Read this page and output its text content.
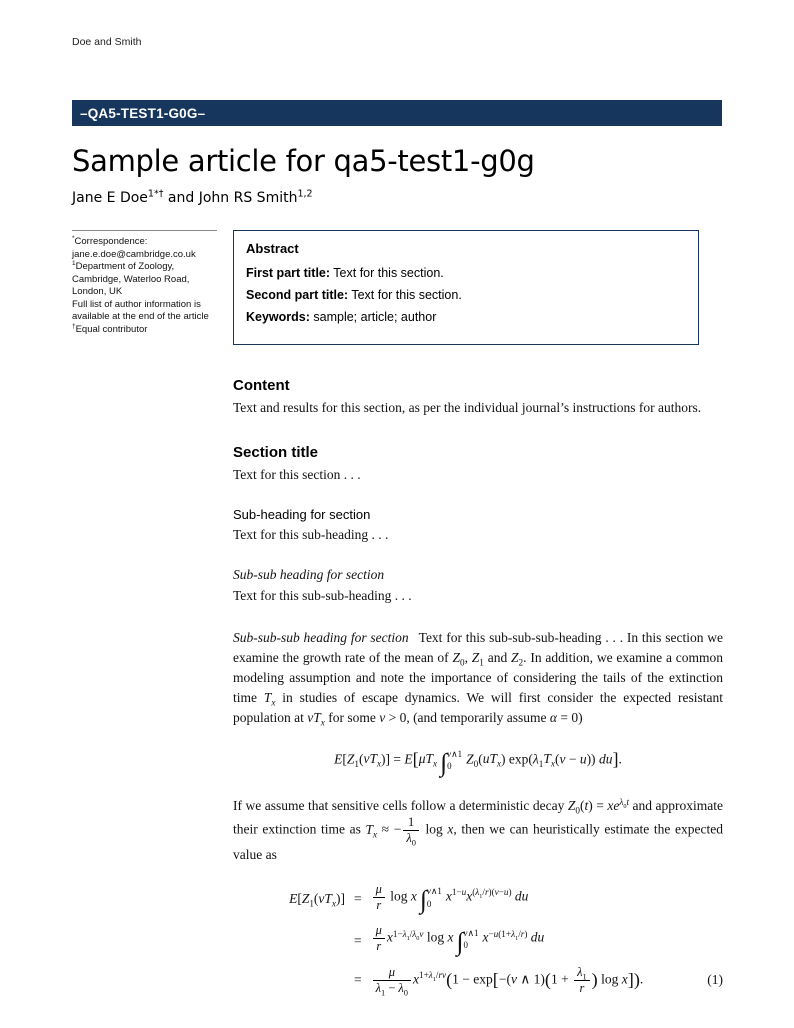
Doe and Smith
–QA5-TEST1-G0G–
Sample article for qa5-test1-g0g
Jane E Doe$^{1*\dagger}$ and John RS Smith$^{1,2}$
*Correspondence:
jane.e.doe@cambridge.co.uk
$^1$Department of Zoology,
Cambridge, Waterloo Road,
London, UK
Full list of author information is
available at the end of the article
†Equal contributor
Abstract

First part title: Text for this section.

Second part title: Text for this section.

Keywords: sample; article; author

Content

Text and results for this section, as per the individual journal’s instructions for authors.

Section title

Text for this section . . .

Sub-heading for section

Text for this sub-heading . . .

Sub-sub heading for section

Text for this sub-sub-heading . . .

Sub-sub-sub heading for section Text for this sub-sub-sub-heading . . . In this section we examine the growth rate of the mean of $Z_0$, $Z_1$ and $Z_2$. In addition, we examine a common modeling assumption and note the importance of considering the tails of the extinction time $T_x$ in studies of escape dynamics. We will first consider the expected resistant population at $vT_x$ for some v > 0, (and temporarily assume α = 0)

$E[Z_1(vT_x)] = E[\mu T_x$ ∫ v∧1
0
$Z_0(uT_x) \exp(\lambda_1T_x(v - u))$ du].

If we assume that sensitive cells follow a deterministic decay $Z_0(t) = xe^{\lambda_0t}$ and approximate their extinction time as $T_x$ ≈ − $\frac{1}{\lambda_0}$ log x, then we can heuristically estimate the expected value as

$E[Z_1(vT_x)] = \frac{\mu}{r}$ log x ∫ v∧1
0
$x^{1-u}x^{(\lambda_1/r)(v-u)}$ du
= $\frac{\mu}{r} x^{1-\lambda_1/\lambda_0v}$ log x ∫ v∧1
0
$x^{-u(1+\lambda_1/r)}$ du
= $\frac{\mu}{\lambda_1 - \lambda_0} x^{1+\lambda_1/rv}(1 - \exp[-(v$ ∧ $1)(1 + \frac{\lambda_1}{r}$ ) log x]).	(1)
